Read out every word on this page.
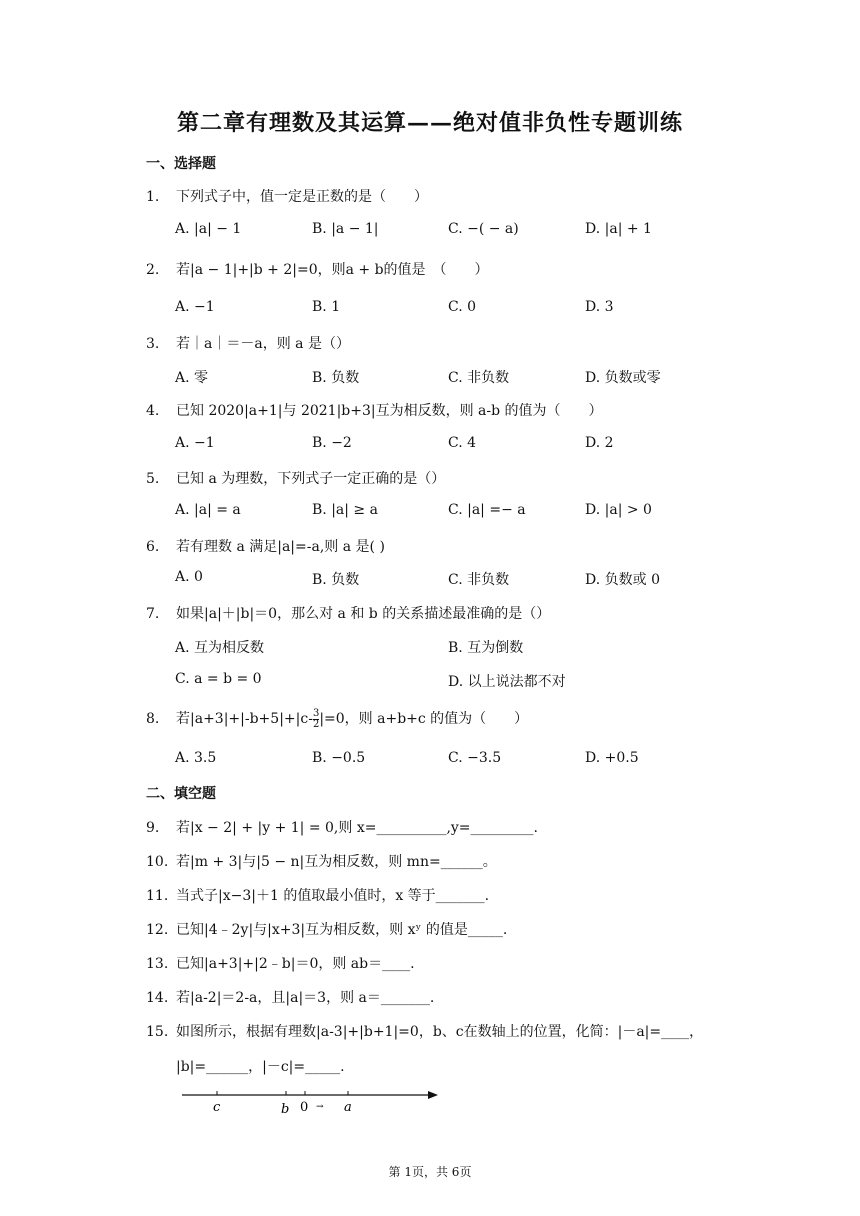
第二章有理数及其运算——绝对值非负性专题训练
一、选择题
1. 下列式子中，值一定是正数的是（　　）
A. |a| − 1	B. |a − 1|	C. −( − a)	D. |a| + 1
2. 若|a − 1|+|b + 2|=0，则a + b的值是　（　　）
A. −1	B. 1	C. 0	D. 3
3. 若｜a｜＝－a，则 a 是（）
A. 零	B. 负数	C. 非负数	D. 负数或零
4. 已知 2020|a+1|与 2021|b+3|互为相反数，则 a-b 的值为（　　）
A. −1	B. −2	C. 4	D. 2
5. 已知 a 为理数，下列式子一定正确的是（）
A. |a| = a	B. |a| ≥ a	C. |a| =− a	D. |a| > 0
6. 若有理数 a 满足|a|=-a,则 a 是( )
A. 0	B. 负数	C. 非负数	D. 负数或 0
7. 如果|a|＋|b|＝0，那么对 a 和 b 的关系描述最准确的是（）
A. 互为相反数	B. 互为倒数
C. a = b = 0	D. 以上说法都不对
8. 若$|a+3|+|-b+5|+|c- \frac{3}{2} |=0$，则 a+b+c 的值为（　　）
A. 3.5	B. −0.5	C. −3.5	D. +0.5
二、填空题
9. 若|x − 2| + |y + 1| = 0,则 x=__________,y=_________.
10. 若|m + 3|与|5 − n|互为相反数，则 mn=______。
11. 当式子|x−3|＋1 的值取最小值时，x 等于_______.
12. 已知|4﹣2y|与|x+3|互为相反数，则 xʸ 的值是_____.
13. 已知|a+3|+|2﹣b|＝0，则 ab＝____.
14. 若|a-2|＝2-a，且|a|＝3，则 a＝_______.
15. 如图所示，根据有理数|a-3|+|b+1|=0，b、c在数轴上的位置，化简：|－a|=____，
|b|=______，|－c|=_____.
c	b 0 → a
第 1页，共 6页
